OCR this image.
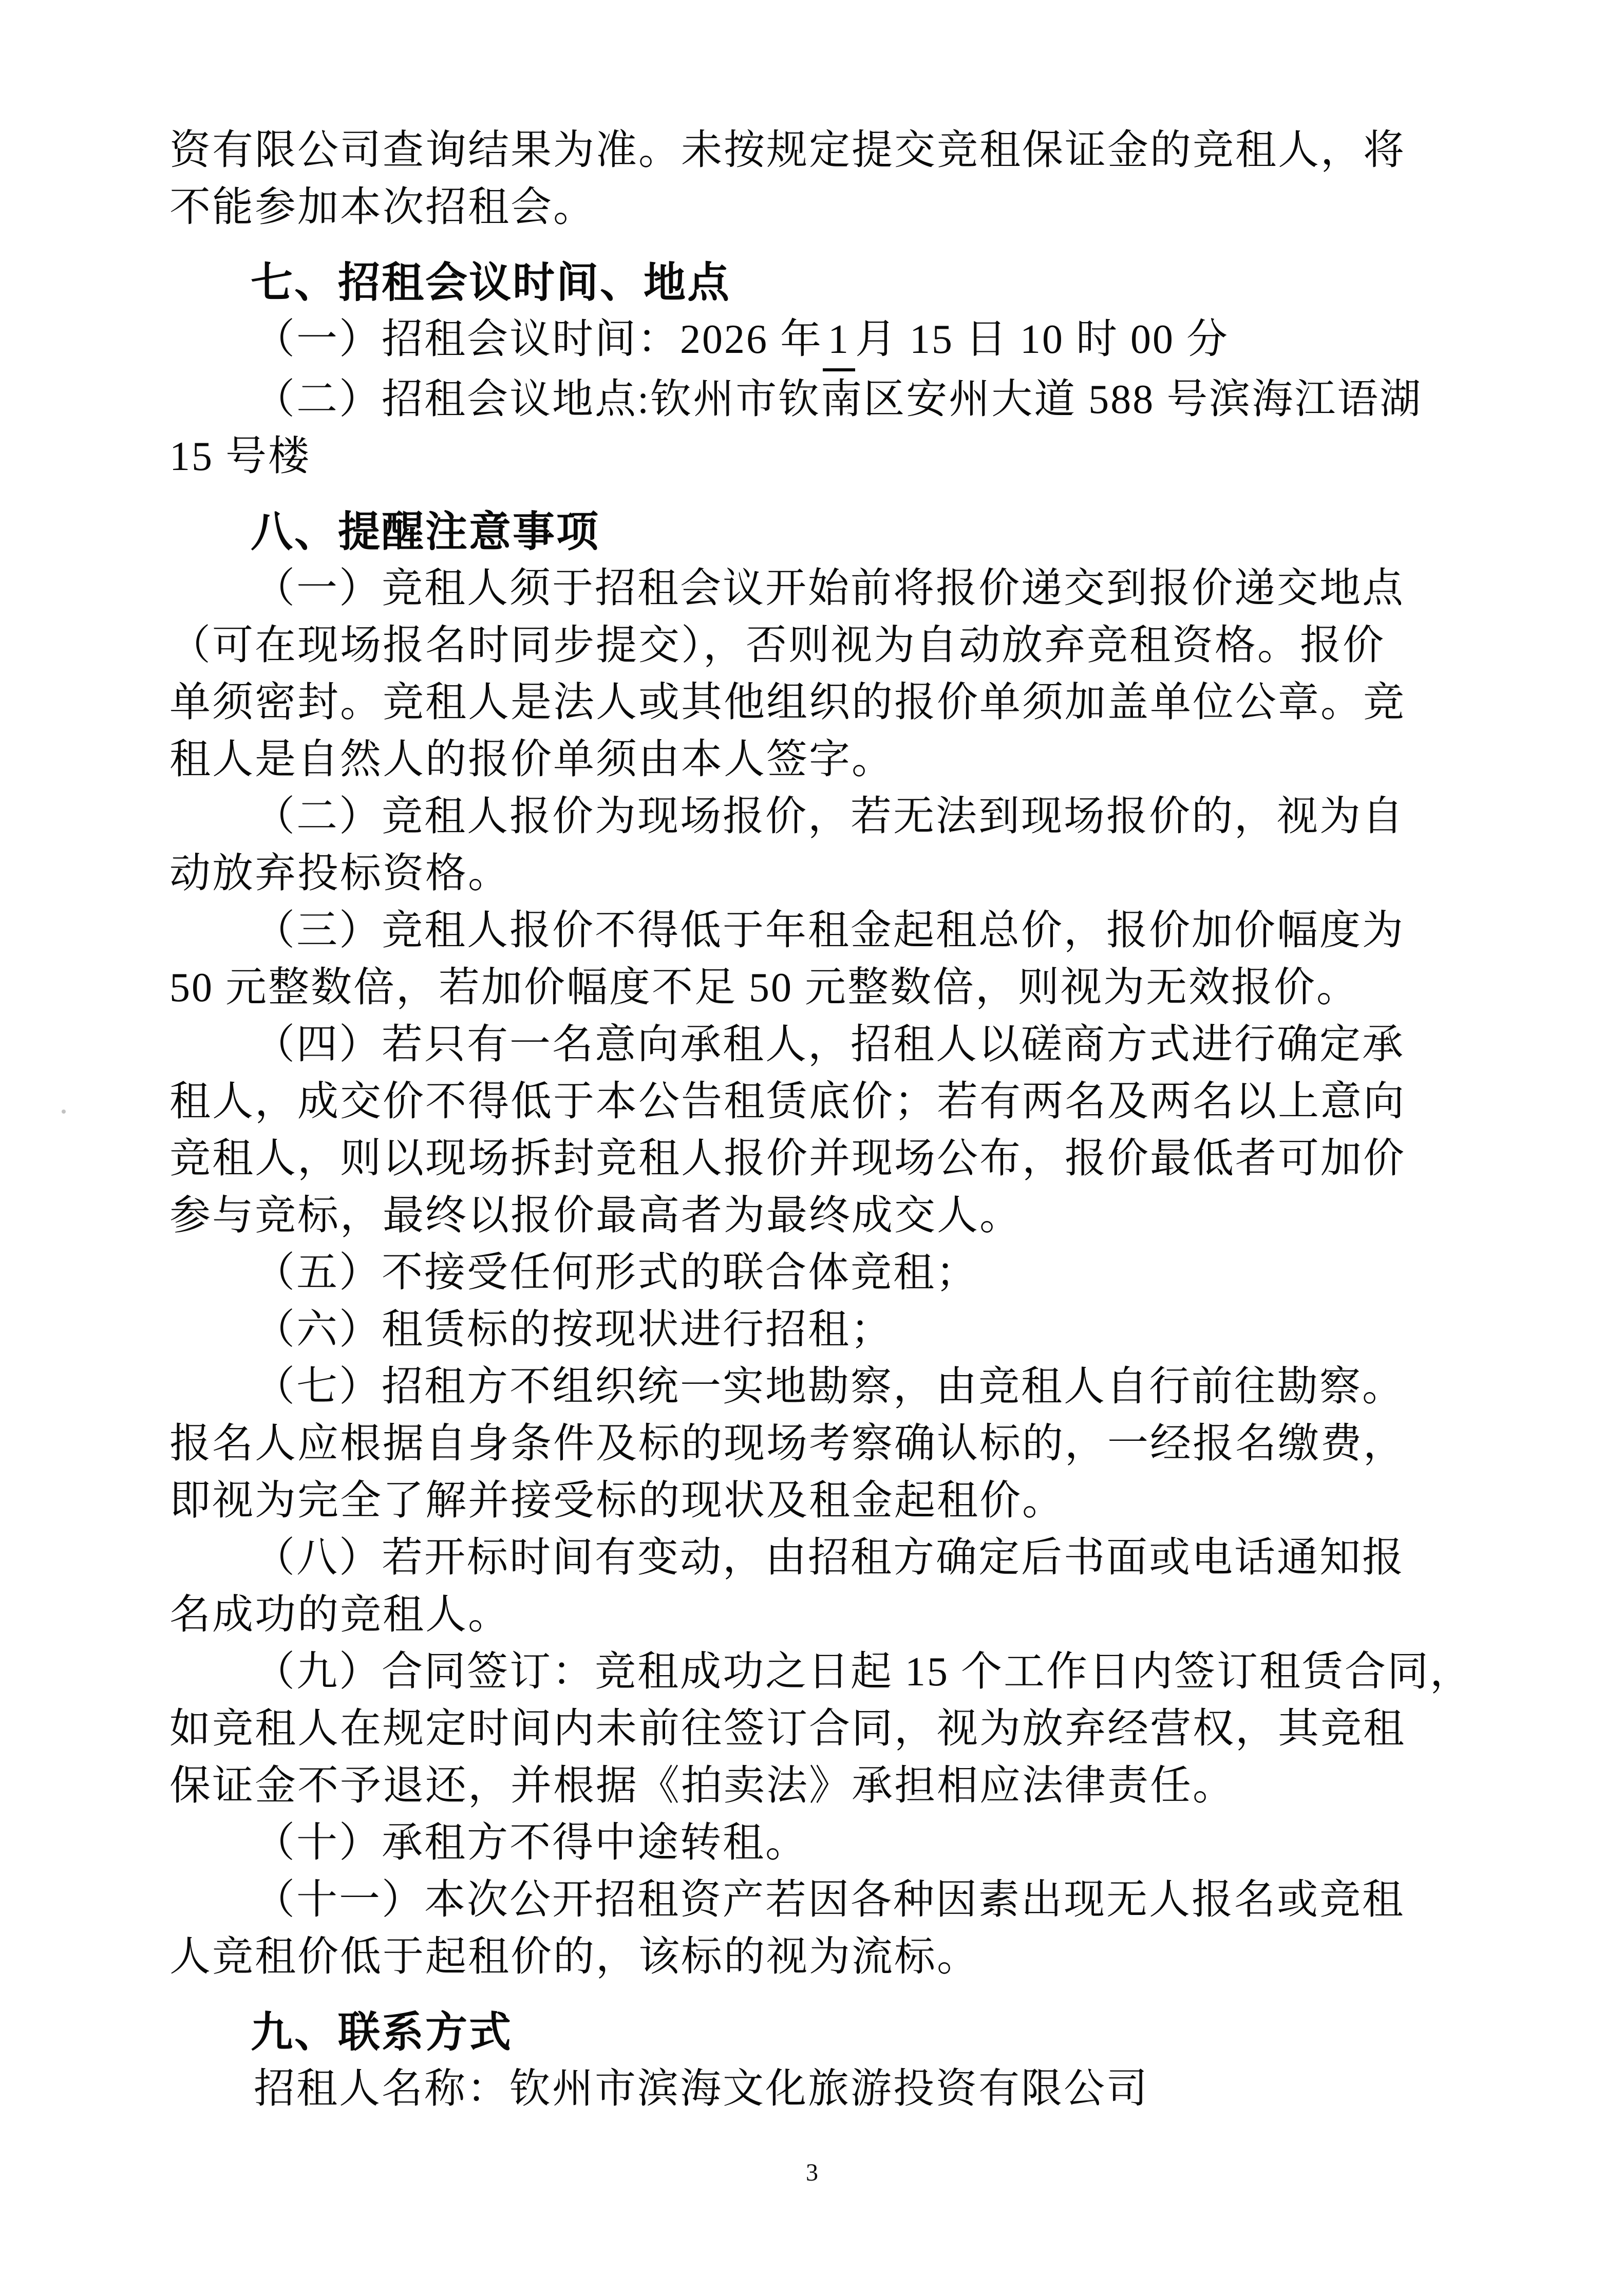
资有限公司查询结果为准。未按规定提交竞租保证金的竞租人，将
不能参加本次招租会。
七、招租会议时间、地点
（一）招租会议时间：2026 年1月 15 日 10 时 00 分
（二）招租会议地点:钦州市钦南区安州大道 588 号滨海江语湖
15 号楼
八、提醒注意事项
（一）竞租人须于招租会议开始前将报价递交到报价递交地点
（可在现场报名时同步提交），否则视为自动放弃竞租资格。报价
单须密封。竞租人是法人或其他组织的报价单须加盖单位公章。竞
租人是自然人的报价单须由本人签字。
（二）竞租人报价为现场报价，若无法到现场报价的，视为自
动放弃投标资格。
（三）竞租人报价不得低于年租金起租总价，报价加价幅度为
50 元整数倍，若加价幅度不足 50 元整数倍，则视为无效报价。
（四）若只有一名意向承租人，招租人以磋商方式进行确定承
租人，成交价不得低于本公告租赁底价；若有两名及两名以上意向
竞租人，则以现场拆封竞租人报价并现场公布，报价最低者可加价
参与竞标，最终以报价最高者为最终成交人。
（五）不接受任何形式的联合体竞租；
（六）租赁标的按现状进行招租；
（七）招租方不组织统一实地勘察，由竞租人自行前往勘察。
报名人应根据自身条件及标的现场考察确认标的，一经报名缴费，
即视为完全了解并接受标的现状及租金起租价。
（八）若开标时间有变动，由招租方确定后书面或电话通知报
名成功的竞租人。
（九）合同签订：竞租成功之日起 15 个工作日内签订租赁合同，
如竞租人在规定时间内未前往签订合同，视为放弃经营权，其竞租
保证金不予退还，并根据《拍卖法》承担相应法律责任。
（十）承租方不得中途转租。
（十一）本次公开招租资产若因各种因素出现无人报名或竞租
人竞租价低于起租价的，该标的视为流标。
九、联系方式
招租人名称：钦州市滨海文化旅游投资有限公司
3
